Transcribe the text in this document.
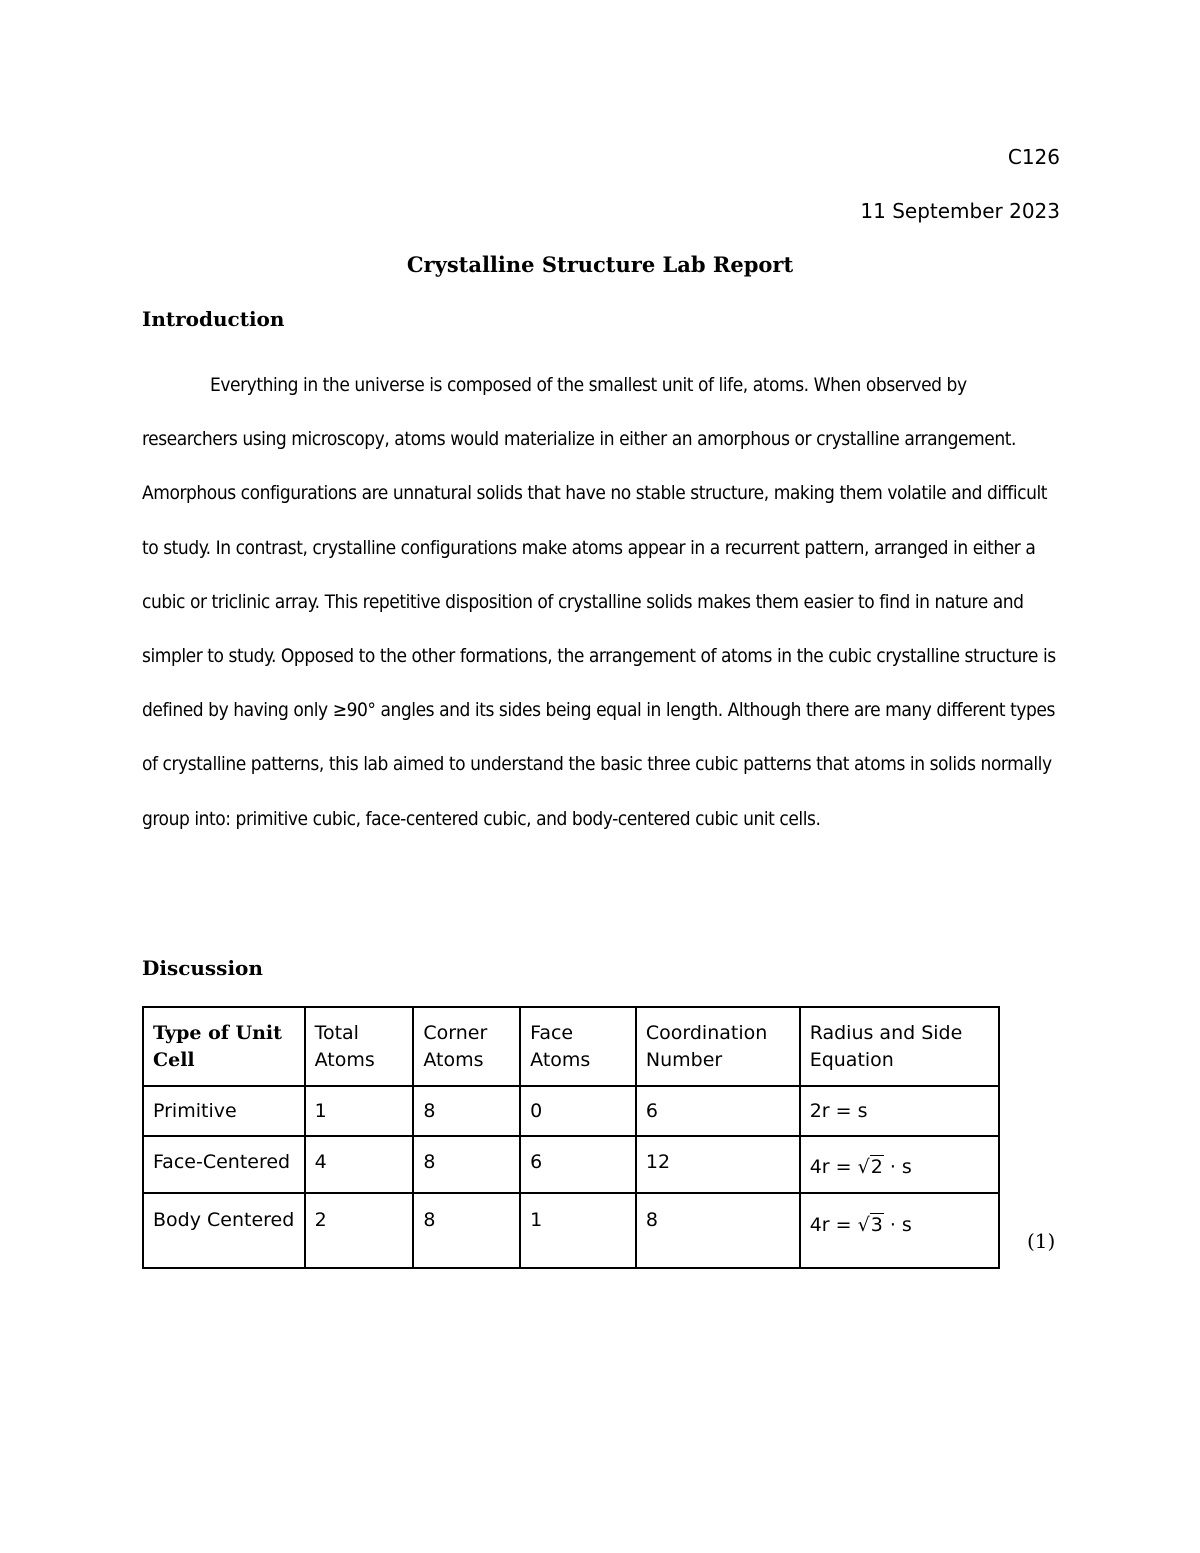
C126
11 September 2023
Crystalline Structure Lab Report
Introduction

Everything in the universe is composed of the smallest unit of life, atoms. When observed by researchers using microscopy, atoms would materialize in either an amorphous or crystalline arrangement. Amorphous configurations are unnatural solids that have no stable structure, making them volatile and difficult to study. In contrast, crystalline configurations make atoms appear in a recurrent pattern, arranged in either a cubic or triclinic array. This repetitive disposition of crystalline solids makes them easier to find in nature and simpler to study. Opposed to the other formations, the arrangement of atoms in the cubic crystalline structure is defined by having only ≥90° angles and its sides being equal in length. Although there are many different types of crystalline patterns, this lab aimed to understand the basic three cubic patterns that atoms in solids normally group into: primitive cubic, face-centered cubic, and body-centered cubic unit cells.

Discussion
Type of Unit Cell	Total Atoms	Corner Atoms	Face Atoms	Coordination Number	Radius and Side Equation
Primitive	1	8	0	6	2r = s
Face-Centered	4	8	6	12	4r = √2 · s
Body Centered	2	8	1	8	4r = √3 · s
(1)
